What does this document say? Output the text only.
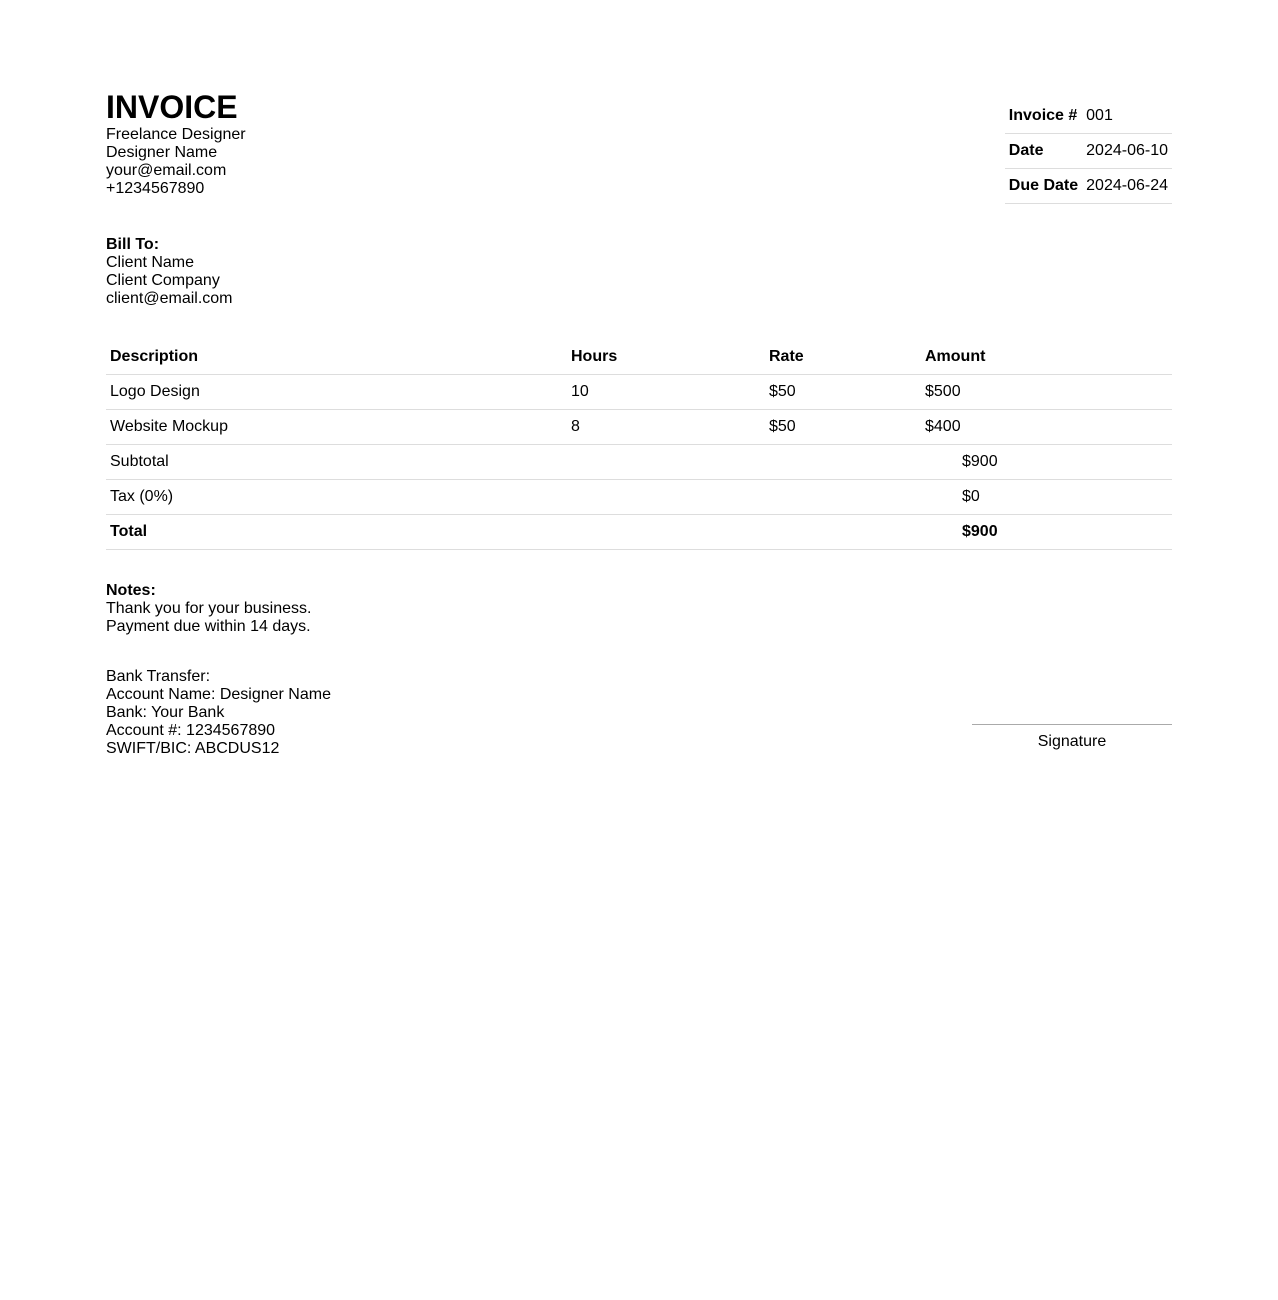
INVOICE
Freelance Designer
Designer Name
your@email.com
+1234567890
Invoice #	001
Date	2024-06-10
Due Date	2024-06-24
Bill To:
Client Name
Client Company
client@email.com
Description	Hours	Rate	Amount
Logo Design	10	$50	$500
Website Mockup	8	$50	$400
Subtotal			$900
Tax (0%)			$0
Total			$900
Notes:
Thank you for your business.
Payment due within 14 days.
Bank Transfer:
Account Name: Designer Name
Bank: Your Bank
Account #: 1234567890
SWIFT/BIC: ABCDUS12	Signature
